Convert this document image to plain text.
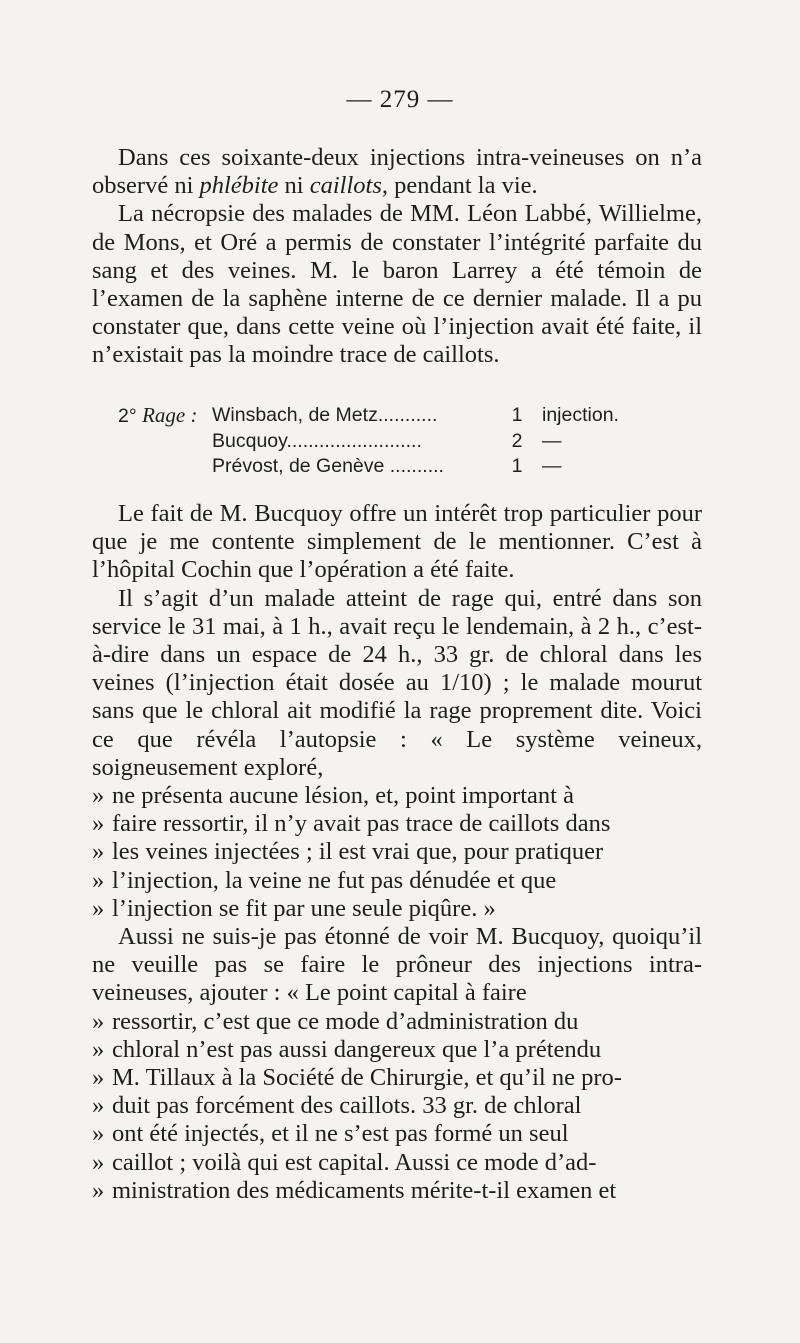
— 279 —

Dans ces soixante-deux injections intra-veineuses on n’a observé ni phlébite ni caillots, pendant la vie.

La nécropsie des malades de MM. Léon Labbé, Willielme, de Mons, et Oré a permis de constater l’intégrité parfaite du sang et des veines. M. le baron Larrey a été témoin de l’examen de la saphène interne de ce dernier malade. Il a pu constater que, dans cette veine où l’injection avait été faite, il n’existait pas la moindre trace de caillots.

2° Rage : Winsbach, de Metz...........	1	injection.
Bucquoy.........................	2	—
Prévost, de Genève ..........	1	—

Le fait de M. Bucquoy offre un intérêt trop particulier pour que je me contente simplement de le mentionner. C’est à l’hôpital Cochin que l’opération a été faite.

Il s’agit d’un malade atteint de rage qui, entré dans son service le 31 mai, à 1 h., avait reçu le lendemain, à 2 h., c’est-à-dire dans un espace de 24 h., 33 gr. de chloral dans les veines (l’injection était dosée au 1/10) ; le malade mourut sans que le chloral ait modifié la rage proprement dite. Voici ce que révéla l’autopsie : « Le système veineux, soigneusement exploré,

» ne présenta aucune lésion, et, point important à
» faire ressortir, il n’y avait pas trace de caillots dans
» les veines injectées ; il est vrai que, pour pratiquer
» l’injection, la veine ne fut pas dénudée et que
» l’injection se fit par une seule piqûre. »

Aussi ne suis-je pas étonné de voir M. Bucquoy, quoiqu’il ne veuille pas se faire le prôneur des injections intra-veineuses, ajouter : « Le point capital à faire

» ressortir, c’est que ce mode d’administration du
» chloral n’est pas aussi dangereux que l’a prétendu
» M. Tillaux à la Société de Chirurgie, et qu’il ne pro-
» duit pas forcément des caillots. 33 gr. de chloral
» ont été injectés, et il ne s’est pas formé un seul
» caillot ; voilà qui est capital. Aussi ce mode d’ad-
» ministration des médicaments mérite-t-il examen et
